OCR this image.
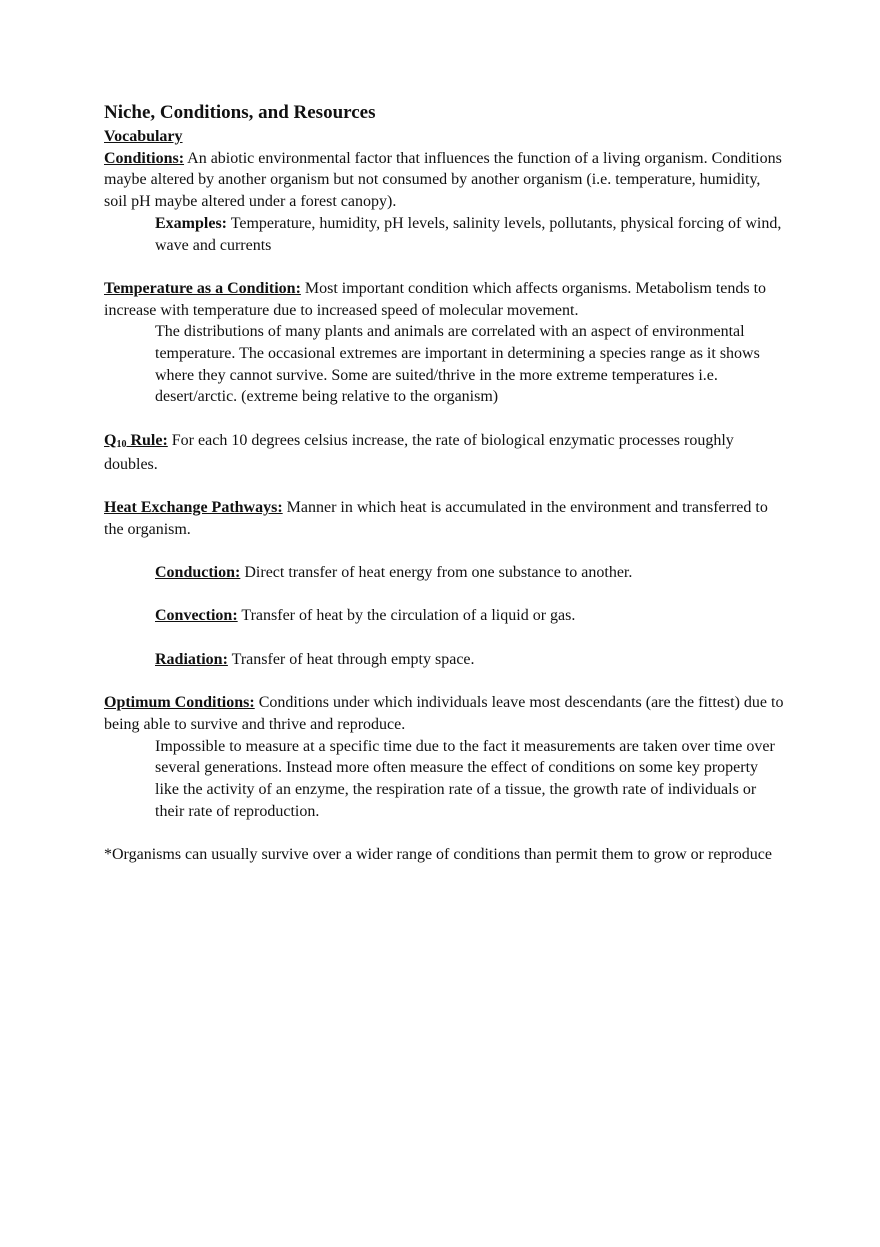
Niche, Conditions, and Resources

Vocabulary

Conditions: An abiotic environmental factor that influences the function of a living organism. Conditions maybe altered by another organism but not consumed by another organism (i.e. temperature, humidity, soil pH maybe altered under a forest canopy).

Examples: Temperature, humidity, pH levels, salinity levels, pollutants, physical forcing of wind, wave and currents

Temperature as a Condition: Most important condition which affects organisms. Metabolism tends to increase with temperature due to increased speed of molecular movement.

The distributions of many plants and animals are correlated with an aspect of environmental temperature. The occasional extremes are important in determining a species range as it shows where they cannot survive. Some are suited/thrive in the more extreme temperatures i.e. desert/arctic. (extreme being relative to the organism)

$Q_{10}$ Rule: For each 10 degrees celsius increase, the rate of biological enzymatic processes roughly doubles.

Heat Exchange Pathways: Manner in which heat is accumulated in the environment and transferred to the organism.

Conduction: Direct transfer of heat energy from one substance to another.

Convection: Transfer of heat by the circulation of a liquid or gas.

Radiation: Transfer of heat through empty space.

Optimum Conditions: Conditions under which individuals leave most descendants (are the fittest) due to being able to survive and thrive and reproduce.

Impossible to measure at a specific time due to the fact it measurements are taken over time over several generations. Instead more often measure the effect of conditions on some key property like the activity of an enzyme, the respiration rate of a tissue, the growth rate of individuals or their rate of reproduction.

*Organisms can usually survive over a wider range of conditions than permit them to grow or reproduce
